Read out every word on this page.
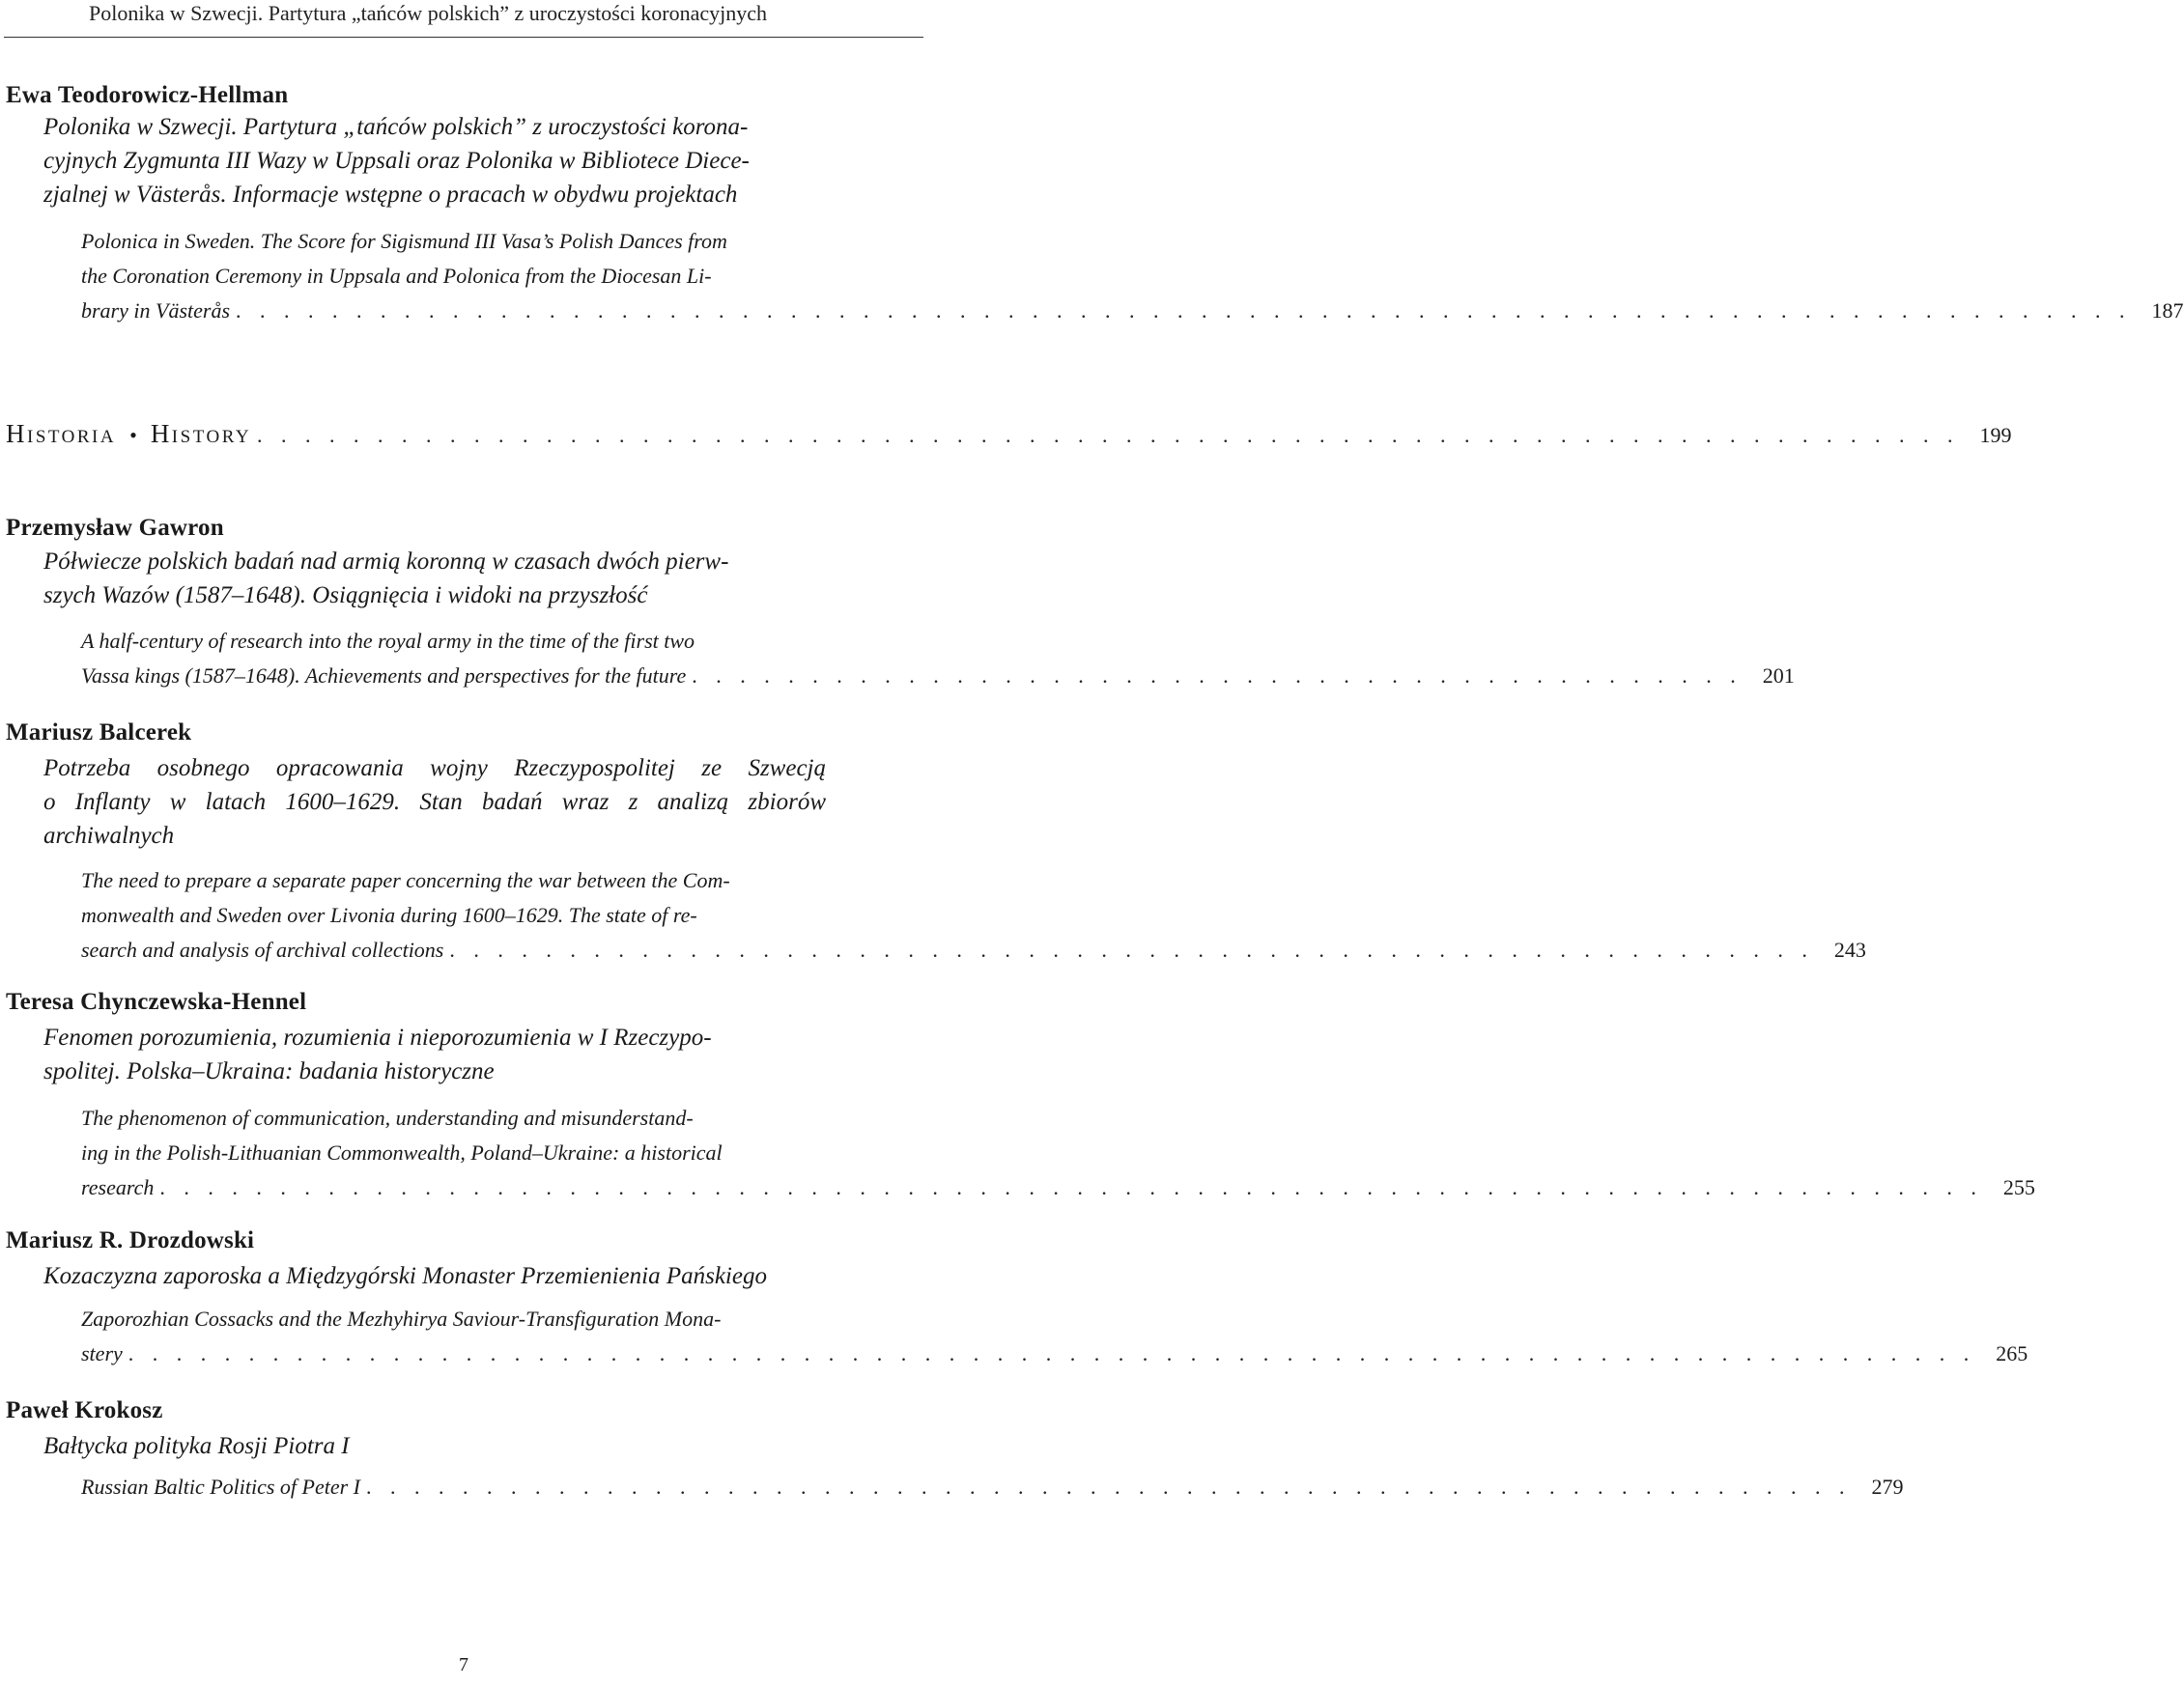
Polonika w Szwecji. Partytura „tańców polskich” z uroczystości koronacyjnych
Ewa Teodorowicz-Hellman
Polonika w Szwecji. Partytura „tańców polskich” z uroczystości korona-
cyjnych Zygmunta III Wazy w Uppsali oraz Polonika w Bibliotece Diece-
zjalnej w Västerås. Informacje wstępne o pracach w obydwu projektach
Polonica in Sweden. The Score for Sigismund III Vasa’s Polish Dances from
the Coronation Ceremony in Uppsala and Polonica from the Diocesan Li-
brary in Västerås . . . . . . . . . . . . . . . . . . . . . . . . . . . . . . . . . . . . . . . . . . . . . . . . . . . . . . . . . . . . . . . . . . . . . . . . . . . . . . . 187
Historia • History . . . . . . . . . . . . . . . . . . . . . . . . . . . . . . . . . . . . . . . . . . . . . . . . . . . . . . . . . . . . . . . . . . . . . . . 199
Przemysław Gawron
Półwiecze polskich badań nad armią koronną w czasach dwóch pierw-
szych Wazów (1587–1648). Osiągnięcia i widoki na przyszłość
A half-century of research into the royal army in the time of the first two
Vassa kings (1587–1648). Achievements and perspectives for the future . . . . . . . . . . . . . . . . . . . . . . . . . . . . . . . . . . . . . . . . . . . . 201
Mariusz Balcerek
Potrzeba osobnego opracowania wojny Rzeczypospolitej ze Szwecją
o Inflanty w latach 1600–1629. Stan badań wraz z analizą zbiorów
archiwalnych
The need to prepare a separate paper concerning the war between the Com-
monwealth and Sweden over Livonia during 1600–1629. The state of re-
search and analysis of archival collections . . . . . . . . . . . . . . . . . . . . . . . . . . . . . . . . . . . . . . . . . . . . . . . . . . . . . . . . . 243
Teresa Chynczewska-Hennel
Fenomen porozumienia, rozumienia i nieporozumienia w I Rzeczypo-
spolitej. Polska–Ukraina: badania historyczne
The phenomenon of communication, understanding and misunderstand-
ing in the Polish-Lithuanian Commonwealth, Poland–Ukraine: a historical
research . . . . . . . . . . . . . . . . . . . . . . . . . . . . . . . . . . . . . . . . . . . . . . . . . . . . . . . . . . . . . . . . . . . . . . . . . . . . 255
Mariusz R. Drozdowski
Kozaczyzna zaporoska a Międzygórski Monaster Przemienienia Pańskiego
Zaporozhian Cossacks and the Mezhyhirya Saviour-Transfiguration Mona-
stery . . . . . . . . . . . . . . . . . . . . . . . . . . . . . . . . . . . . . . . . . . . . . . . . . . . . . . . . . . . . . . . . . . . . . . . . . . . . . 265
Paweł Krokosz
Bałtycka polityka Rosji Piotra I
Russian Baltic Politics of Peter I . . . . . . . . . . . . . . . . . . . . . . . . . . . . . . . . . . . . . . . . . . . . . . . . . . . . . . . . . . . . . . 279
7
